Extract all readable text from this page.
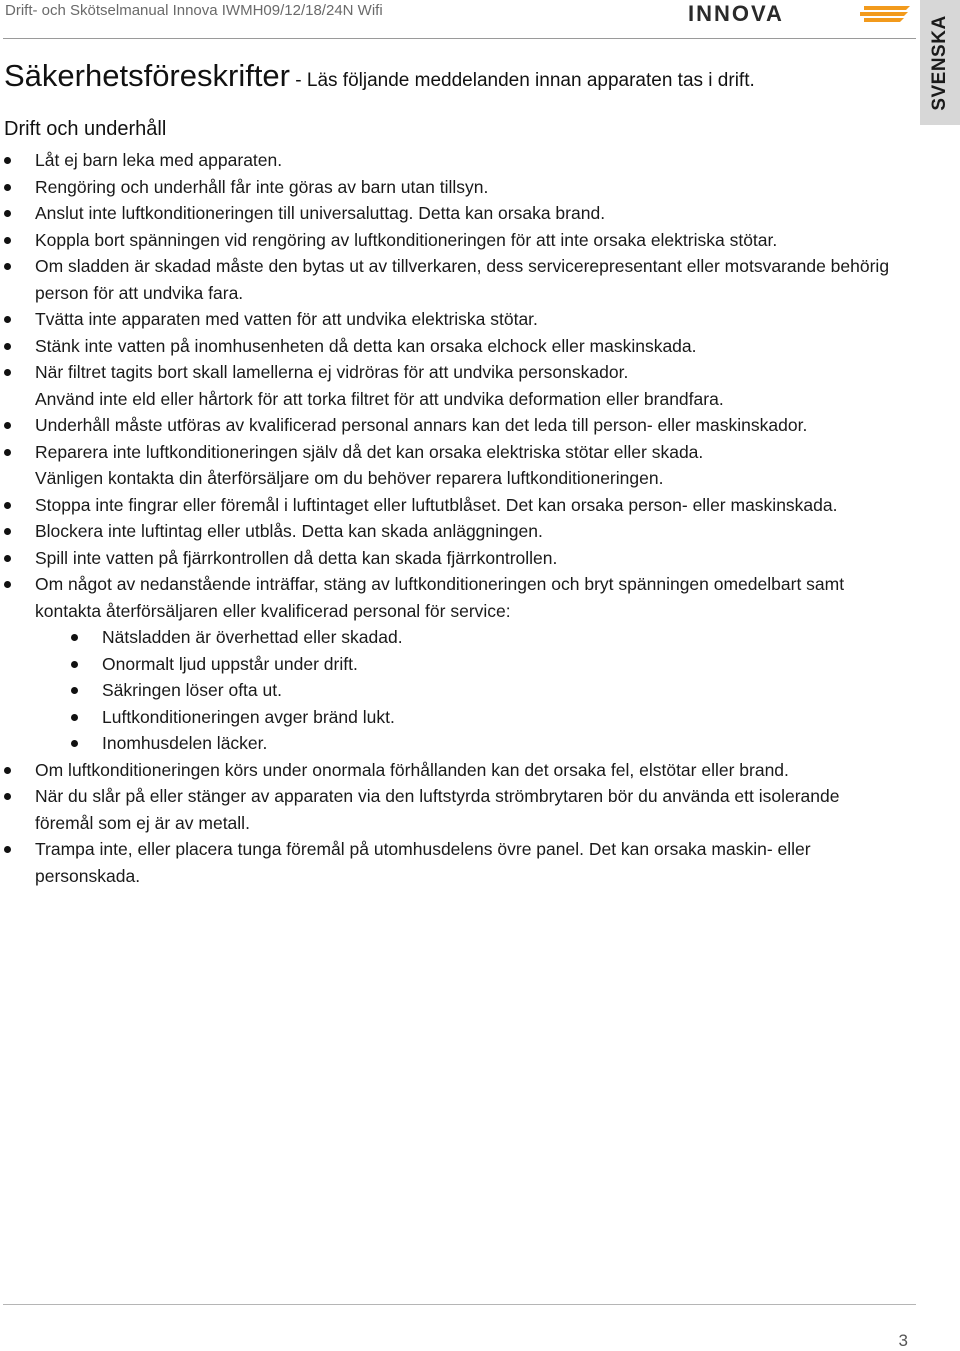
Drift- och Skötselmanual Innova IWMH09/12/18/24N Wifi	INNOVA
SVENSKA
Säkerhetsföreskrifter - Läs följande meddelanden innan apparaten tas i drift.
Drift och underhåll
Låt ej barn leka med apparaten.
Rengöring och underhåll får inte göras av barn utan tillsyn.
Anslut inte luftkonditioneringen till universaluttag. Detta kan orsaka brand.
Koppla bort spänningen vid rengöring av luftkonditioneringen för att inte orsaka elektriska stötar.
Om sladden är skadad måste den bytas ut av tillverkaren, dess servicerepresentant eller motsvarande behörig person för att undvika fara.
Tvätta inte apparaten med vatten för att undvika elektriska stötar.
Stänk inte vatten på inomhusenheten då detta kan orsaka elchock eller maskinskada.

När filtret tagits bort skall lamellerna ej vidröras för att undvika personskador.

Använd inte eld eller hårtork för att torka filtret för att undvika deformation eller brandfara.

Underhåll måste utföras av kvalificerad personal annars kan det leda till person- eller maskinskador.

Reparera inte luftkonditioneringen själv då det kan orsaka elektriska stötar eller skada.

Vänligen kontakta din återförsäljare om du behöver reparera luftkonditioneringen.

Stoppa inte fingrar eller föremål i luftintaget eller luftutblåset. Det kan orsaka person- eller maskinskada.
Blockera inte luftintag eller utblås. Detta kan skada anläggningen.
Spill inte vatten på fjärrkontrollen då detta kan skada fjärrkontrollen.

Om något av nedanstående inträffar, stäng av luftkonditioneringen och bryt spänningen omedelbart samt kontakta återförsäljaren eller kvalificerad personal för service:

Nätsladden är överhettad eller skadad.
Onormalt ljud uppstår under drift.
Säkringen löser ofta ut.
Luftkonditioneringen avger bränd lukt.
Inomhusdelen läcker.
Om luftkonditioneringen körs under onormala förhållanden kan det orsaka fel, elstötar eller brand.
När du slår på eller stänger av apparaten via den luftstyrda strömbrytaren bör du använda ett isolerande föremål som ej är av metall.
Trampa inte, eller placera tunga föremål på utomhusdelens övre panel. Det kan orsaka maskin- eller personskada.
3
